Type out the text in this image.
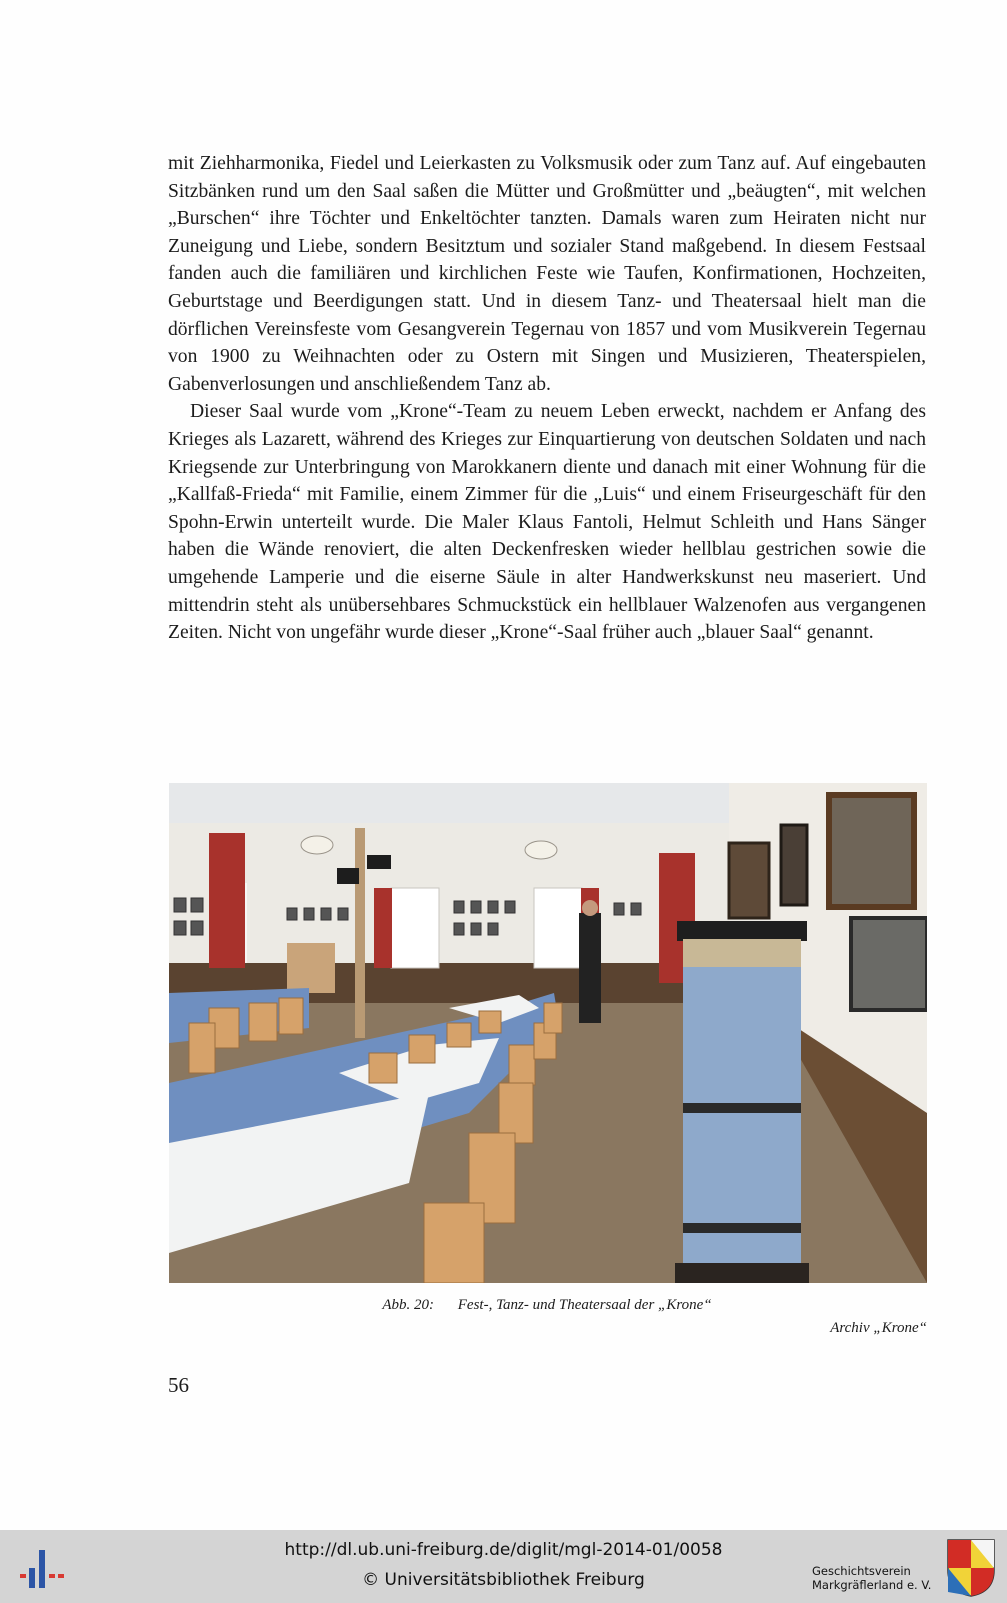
mit Ziehharmonika, Fiedel und Leierkasten zu Volksmusik oder zum Tanz auf. Auf eingebauten Sitzbänken rund um den Saal saßen die Mütter und Großmütter und „beäugten“, mit welchen „Burschen“ ihre Töchter und Enkeltöchter tanzten. Damals waren zum Heiraten nicht nur Zuneigung und Liebe, sondern Besitztum und sozialer Stand maßgebend. In diesem Festsaal fanden auch die familiären und kirchlichen Feste wie Taufen, Konfirmationen, Hochzeiten, Geburtstage und Beerdigungen statt. Und in diesem Tanz- und Theatersaal hielt man die dörflichen Vereinsfeste vom Gesangverein Tegernau von 1857 und vom Musikverein Tegernau von 1900 zu Weihnachten oder zu Ostern mit Singen und Musizieren, Theaterspielen, Gabenverlosungen und anschließendem Tanz ab.

Dieser Saal wurde vom „Krone“-Team zu neuem Leben erweckt, nachdem er Anfang des Krieges als Lazarett, während des Krieges zur Einquartierung von deutschen Soldaten und nach Kriegsende zur Unterbringung von Marokkanern diente und danach mit einer Wohnung für die „Kallfaß-Frieda“ mit Familie, einem Zimmer für die „Luis“ und einem Friseurgeschäft für den Spohn-Erwin unterteilt wurde. Die Maler Klaus Fantoli, Helmut Schleith und Hans Sänger haben die Wände renoviert, die alten Deckenfresken wieder hellblau gestrichen sowie die umgehende Lamperie und die eiserne Säule in alter Handwerkskunst neu maseriert. Und mittendrin steht als unübersehbares Schmuckstück ein hellblauer Walzenofen aus vergangenen Zeiten. Nicht von ungefähr wurde dieser „Krone“-Saal früher auch „blauer Saal“ genannt.

Abb. 20: Fest-, Tanz- und Theatersaal der „Krone“
Archiv „Krone“
56
http://dl.ub.uni-freiburg.de/diglit/mgl-2014-01/0058
© Universitätsbibliothek Freiburg	Geschichtsverein
Markgräflerland e. V.
